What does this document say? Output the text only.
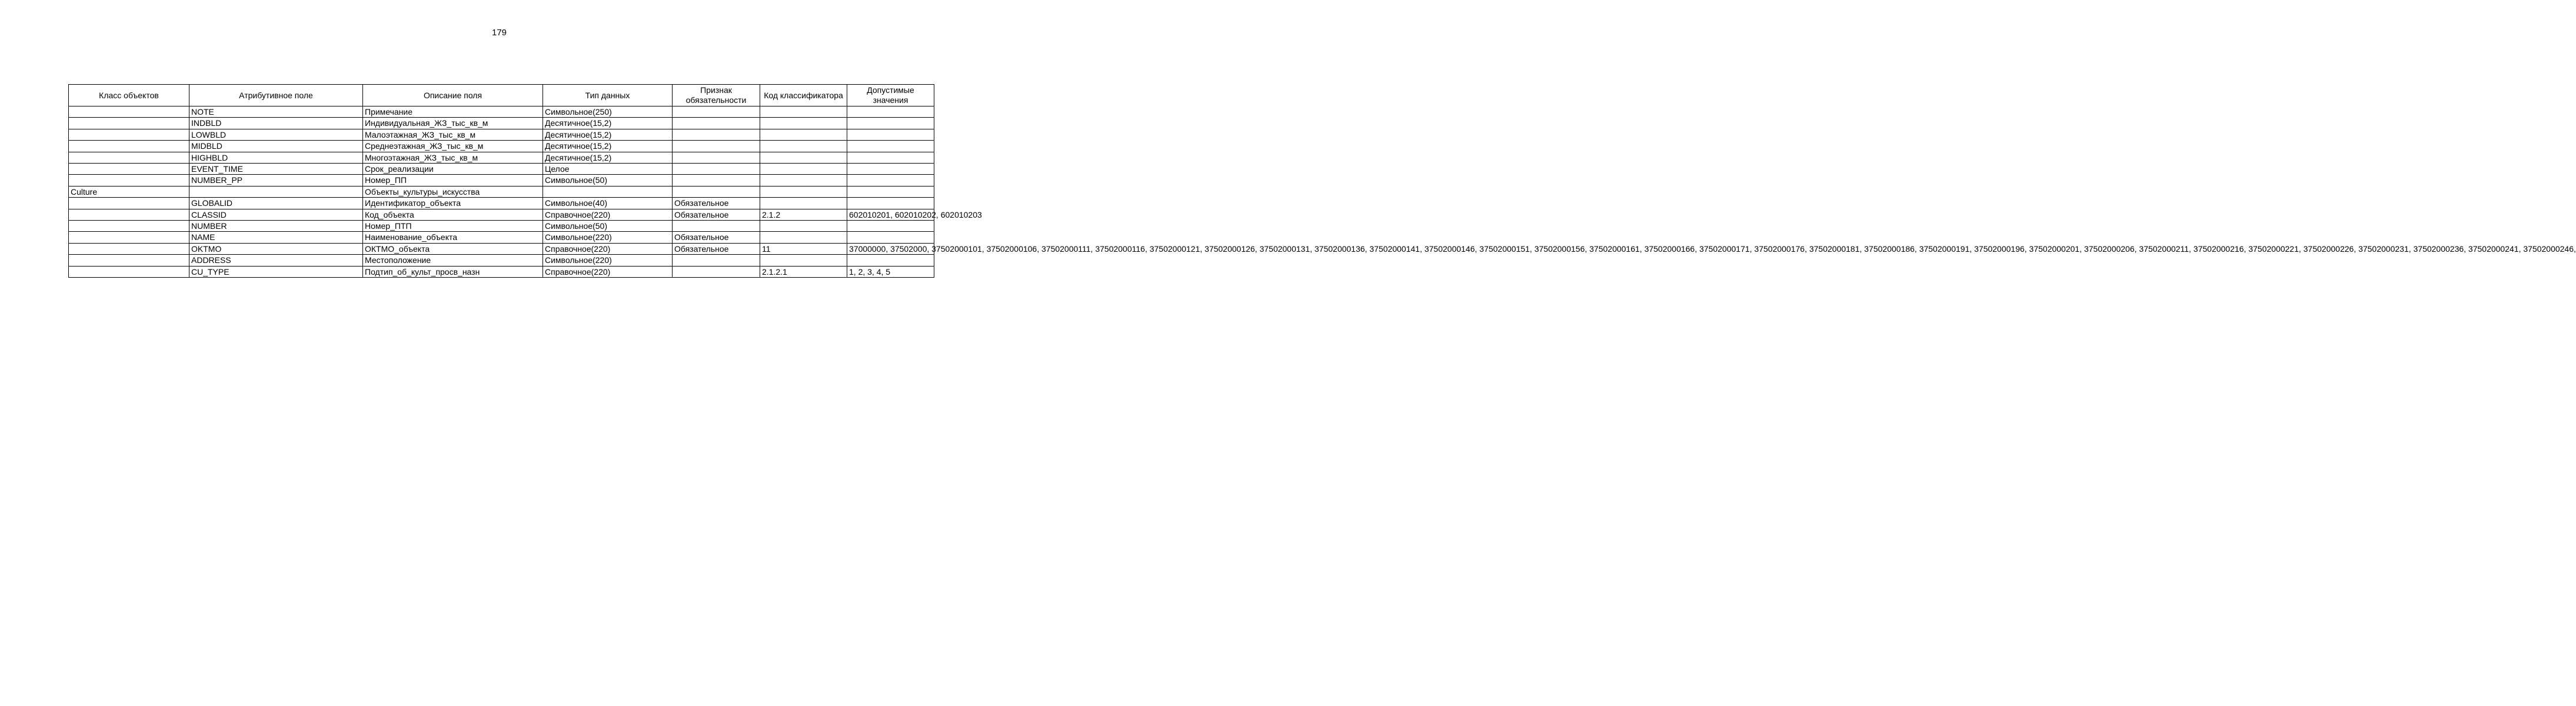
179
Класс объектов	Атрибутивное поле	Описание поля	Тип данных	Признак обязательности	Код классификатора	Допустимые значения
	NOTE	Примечание	Символьное(250)			
	INDBLD	Индивидуальная_ЖЗ_тыс_кв_м	Десятичное(15,2)			
	LOWBLD	Малоэтажная_ЖЗ_тыс_кв_м	Десятичное(15,2)			
	MIDBLD	Среднеэтажная_ЖЗ_тыс_кв_м	Десятичное(15,2)			
	HIGHBLD	Многоэтажная_ЖЗ_тыс_кв_м	Десятичное(15,2)			
	EVENT_TIME	Срок_реализации	Целое			
	NUMBER_PP	Номер_ПП	Символьное(50)			
Culture		Объекты_культуры_искусства				
	GLOBALID	Идентификатор_объекта	Символьное(40)	Обязательное		
	CLASSID	Код_объекта	Справочное(220)	Обязательное	2.1.2	602010201, 602010202, 602010203
	NUMBER	Номер_ПТП	Символьное(50)			
	NAME	Наименование_объекта	Символьное(220)	Обязательное		
	OKTMO	ОКТМО_объекта	Справочное(220)	Обязательное	11	37000000, 37502000, 37502000101, 37502000106, 37502000111, 37502000116, 37502000121, 37502000126, 37502000131, 37502000136, 37502000141, 37502000146, 37502000151, 37502000156, 37502000161, 37502000166, 37502000171, 37502000176, 37502000181, 37502000186, 37502000191, 37502000196, 37502000201, 37502000206, 37502000211, 37502000216, 37502000221, 37502000226, 37502000231, 37502000236, 37502000241, 37502000246,
	ADDRESS	Местоположение	Символьное(220)			
	CU_TYPE	Подтип_об_культ_просв_назн	Справочное(220)		2.1.2.1	1, 2, 3, 4, 5
